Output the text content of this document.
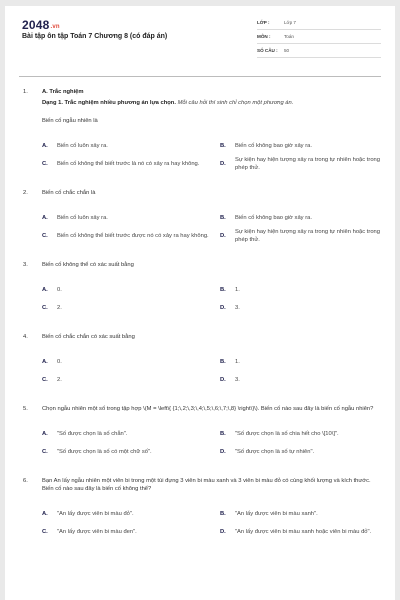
2048.vn
Bài tập ôn tập Toán 7 Chương 8 (có đáp án)
LỚP :	Lớp 7
MÔN :	Toán
SỐ CÂU :	50
1. A. Trắc nghiệm
Dạng 1. Trắc nghiệm nhiều phương án lựa chọn. Mỗi câu hỏi thí sinh chỉ chọn một phương án.
Biến cố ngẫu nhiên là
A. Biến cố luôn xảy ra.	B. Biến cố không bao giờ xảy ra.
C. Biến cố không thể biết trước là nó có xảy ra hay không.	D.
Sự kiện hay hiện tượng xảy ra trong tự nhiên hoặc trong phép thử.
2. Biến cố chắc chắn là
A. Biến cố luôn xảy ra.	B. Biến cố không bao giờ xảy ra.
C. Biến cố không thể biết trước được nó có xảy ra hay không. D.
Sự kiện hay hiện tượng xảy ra trong tự nhiên hoặc trong phép thử.
3. Biến cố không thể có xác suất bằng
A. 0.	B. 1.
C. 2.	D. 3.
4. Biến cố chắc chắn có xác suất bằng
A. 0.	B. 1.
C. 2.	D. 3.
5. Chọn ngẫu nhiên một số trong tập hợp \(M = \left\{ {1;\,2;\,3;\,4;\,5;\,6;\,7;\,8} \right\}\). Biến cố nào sau đây là biến cố ngẫu nhiên?
A. "Số được chọn là số chẵn".	B. "Số được chọn là số chia hết cho \[10\]".
C. "Số được chọn là số có một chữ số".	D. "Số được chọn là số tự nhiên".
6. Bạn An lấy ngẫu nhiên một viên bi trong một túi đựng 3 viên bi màu xanh và 3 viên bi màu đỏ có cùng khối lượng và kích thước. Biến cố nào sau đây là biến cố không thể?
A. "An lấy được viên bi màu đỏ".	B. "An lấy được viên bi màu xanh".
C. "An lấy được viên bi màu đen".	D. "An lấy được viên bi màu xanh hoặc viên bi màu đỏ".
